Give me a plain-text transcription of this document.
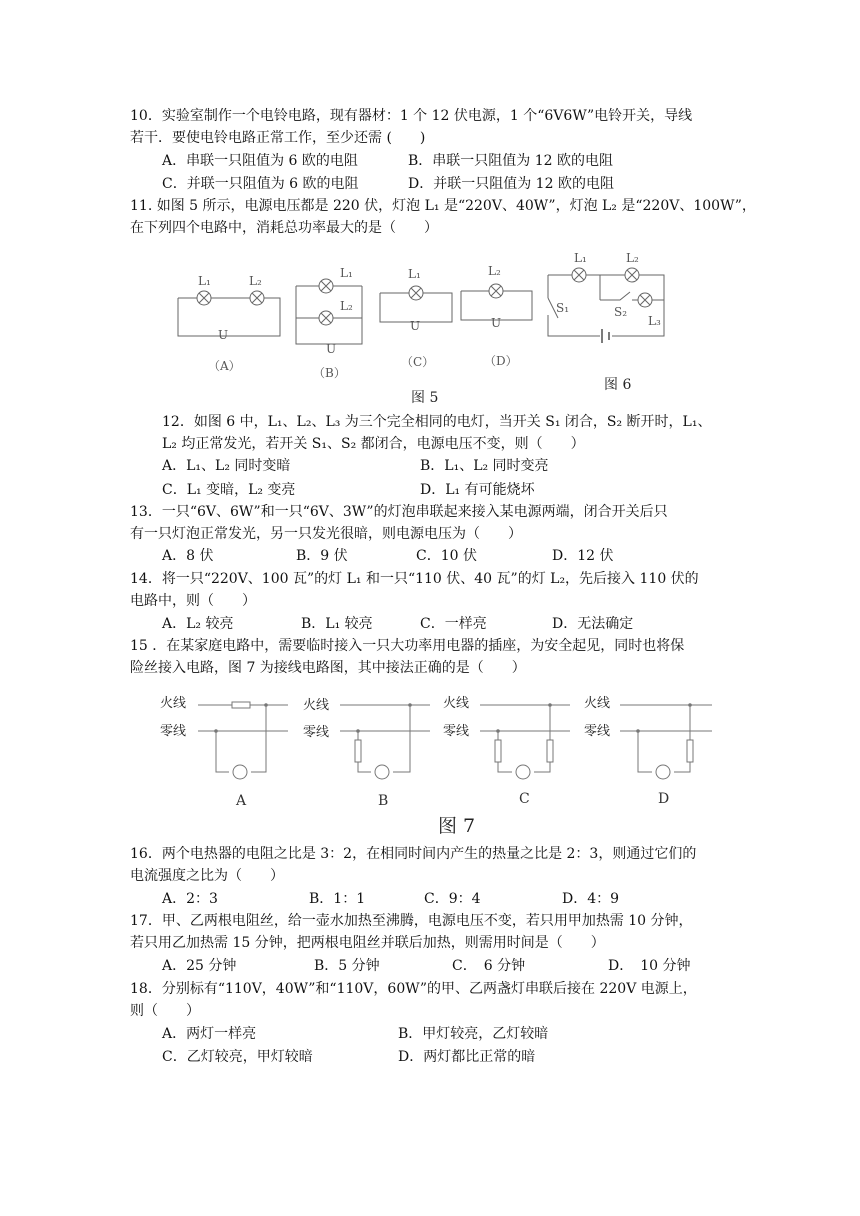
10．实验室制作一个电铃电路，现有器材：1 个 12 伏电源，1 个“6V6W”电铃开关，导线
若干．要使电铃电路正常工作，至少还需 (　　)
A．串联一只阻值为 6 欧的电阻	B．串联一只阻值为 12 欧的电阻
C．并联一只阻值为 6 欧的电阻	D．并联一只阻值为 12 欧的电阻
11. 如图 5 所示，电源电压都是 220 伏，灯泡 L₁ 是“220V、40W”，灯泡 L₂ 是“220V、100W”，
在下列四个电路中，消耗总功率最大的是（　　）
L₁	L₂
U
L₁
L₂
U
L₁
U
L₂
U
L₁	L₂
S₁	S₂
L₃
（A）	（B）
（C）	（D）
图 5
图 6
12．如图 6 中，L₁、L₂、L₃ 为三个完全相同的电灯，当开关 S₁ 闭合，S₂ 断开时，L₁、
L₂ 均正常发光，若开关 S₁、S₂ 都闭合，电源电压不变，则（　　）
A．L₁、L₂ 同时变暗	B．L₁、L₂ 同时变亮
C．L₁ 变暗，L₂ 变亮	D．L₁ 有可能烧坏
13．一只“6V、6W”和一只“6V、3W”的灯泡串联起来接入某电源两端，闭合开关后只
有一只灯泡正常发光，另一只发光很暗，则电源电压为（　　）
A．8 伏	B．9 伏	C．10 伏	D．12 伏
14．将一只“220V、100 瓦”的灯 L₁ 和一只“110 伏、40 瓦”的灯 L₂，先后接入 110 伏的
电路中，则（　　）
A．L₂ 较亮	B．L₁ 较亮	C．一样亮	D．无法确定
15 ．在某家庭电路中，需要临时接入一只大功率用电器的插座，为安全起见，同时也将保
险丝接入电路，图 7 为接线电路图，其中接法正确的是（　　）
火线
零线
火线
零线
火线
零线
火线
零线
A	B	C	D
图 7
16．两个电热器的电阻之比是 3：2，在相同时间内产生的热量之比是 2：3，则通过它们的
电流强度之比为（　　）
A．2：3	B．1：1	C．9：4	D．4：9
17．甲、乙两根电阻丝，给一壶水加热至沸腾，电源电压不变，若只用甲加热需 10 分钟，
若只用乙加热需 15 分钟，把两根电阻丝并联后加热，则需用时间是（　　）
A．25 分钟	B．5 分钟	C．　6 分钟	D．　10 分钟
18．分别标有“110V，40W”和“110V，60W”的甲、乙两盏灯串联后接在 220V 电源上，
则（　　）
A．两灯一样亮	B．甲灯较亮，乙灯较暗
C．乙灯较亮，甲灯较暗	D．两灯都比正常的暗
